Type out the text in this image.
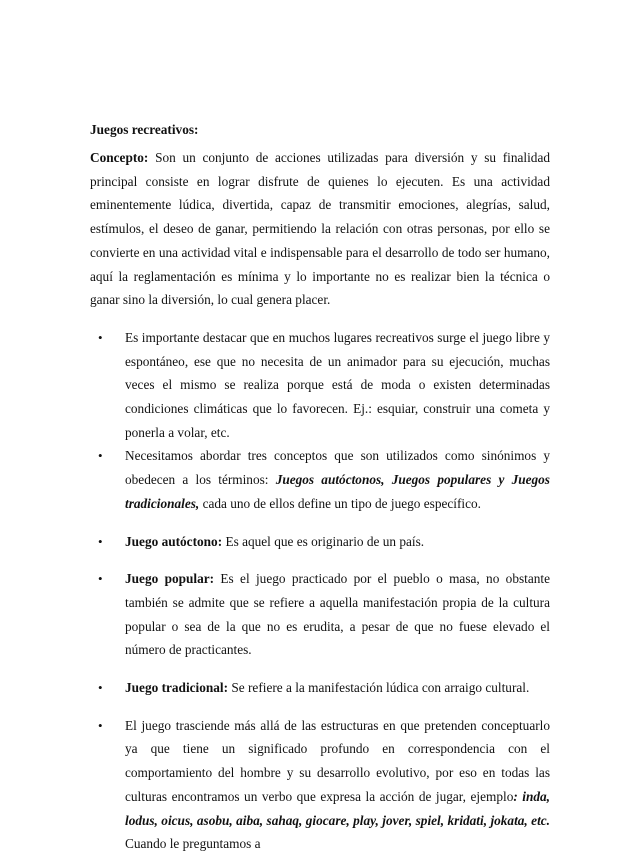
Juegos recreativos:

Concepto: Son un conjunto de acciones utilizadas para diversión y su finalidad principal consiste en lograr disfrute de quienes lo ejecuten. Es una actividad eminentemente lúdica, divertida, capaz de transmitir emociones, alegrías, salud, estímulos, el deseo de ganar, permitiendo la relación con otras personas, por ello se convierte en una actividad vital e indispensable para el desarrollo de todo ser humano, aquí la reglamentación es mínima y lo importante no es realizar bien la técnica o ganar sino la diversión, lo cual genera placer.

• Es importante destacar que en muchos lugares recreativos surge el juego libre y espontáneo, ese que no necesita de un animador para su ejecución, muchas veces el mismo se realiza porque está de moda o existen determinadas condiciones climáticas que lo favorecen. Ej.: esquiar, construir una cometa y ponerla a volar, etc.
• Necesitamos abordar tres conceptos que son utilizados como sinónimos y obedecen a los términos: Juegos autóctonos, Juegos populares y Juegos tradicionales, cada uno de ellos define un tipo de juego específico.
• Juego autóctono: Es aquel que es originario de un país.
• Juego popular: Es el juego practicado por el pueblo o masa, no obstante también se admite que se refiere a aquella manifestación propia de la cultura popular o sea de la que no es erudita, a pesar de que no fuese elevado el número de practicantes.
• Juego tradicional: Se refiere a la manifestación lúdica con arraigo cultural.
• El juego trasciende más allá de las estructuras en que pretenden conceptuarlo ya que tiene un significado profundo en correspondencia con el comportamiento del hombre y su desarrollo evolutivo, por eso en todas las culturas encontramos un verbo que expresa la acción de jugar, ejemplo: inda, lodus, oicus, asobu, aiba, sahaq, giocare, play, jover, spiel, kridati, jokata, etc. Cuando le preguntamos a
